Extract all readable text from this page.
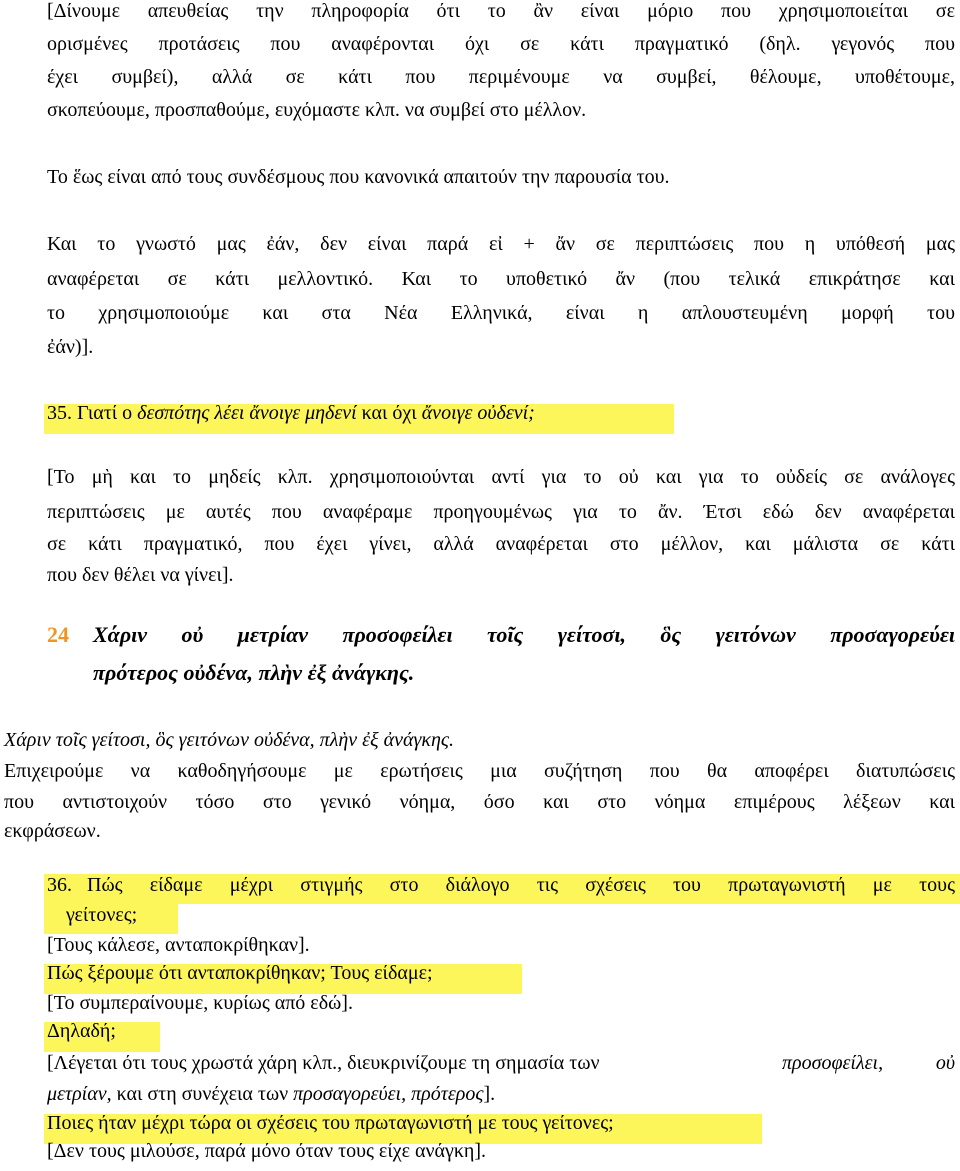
[Δίνουμε απευθείας την πληροφορία ότι το ἂν είναι μόριο που χρησιμοποιείται σε
ορισμένες προτάσεις που αναφέρονται όχι σε κάτι πραγματικό (δηλ. γεγονός που
έχει συμβεί), αλλά σε κάτι που περιμένουμε να συμβεί, θέλουμε, υποθέτουμε,
σκοπεύουμε, προσπαθούμε, ευχόμαστε κλπ. να συμβεί στο μέλλον.
Το ἕως είναι από τους συνδέσμους που κανονικά απαιτούν την παρουσία του.
Και το γνωστό μας ἐάν, δεν είναι παρά εἰ + ἄν σε περιπτώσεις που η υπόθεσή μας
αναφέρεται σε κάτι μελλοντικό. Και το υποθετικό ἄν (που τελικά επικράτησε και
το χρησιμοποιούμε και στα Νέα Ελληνικά, είναι η απλουστευμένη μορφή του
ἐάν)].
35. Γιατί ο δεσπότης λέει ἄνοιγε μηδενί και όχι ἄνοιγε οὐδενί;
[Το μὴ και το μηδείς κλπ. χρησιμοποιούνται αντί για το οὐ και για το οὐδείς σε ανάλογες
περιπτώσεις με αυτές που αναφέραμε προηγουμένως για το ἄν. Έτσι εδώ δεν αναφέρεται
σε κάτι πραγματικό, που έχει γίνει, αλλά αναφέρεται στο μέλλον, και μάλιστα σε κάτι
που δεν θέλει να γίνει].
24 Χάριν οὐ μετρίαν προσοφείλει τοῖς γείτοσι, ὃς γειτόνων προσαγορεύει
πρότερος οὐδένα, πλὴν ἐξ ἀνάγκης.
Χάριν τοῖς γείτοσι, ὃς γειτόνων οὐδένα, πλὴν ἐξ ἀνάγκης.
Επιχειρούμε να καθοδηγήσουμε με ερωτήσεις μια συζήτηση που θα αποφέρει διατυπώσεις
που αντιστοιχούν τόσο στο γενικό νόημα, όσο και στο νόημα επιμέρους λέξεων και
εκφράσεων.
36. Πώς είδαμε μέχρι στιγμής στο διάλογο τις σχέσεις του πρωταγωνιστή με τους
γείτονες;
[Τους κάλεσε, ανταποκρίθηκαν].
Πώς ξέρουμε ότι ανταποκρίθηκαν; Τους είδαμε;
[Το συμπεραίνουμε, κυρίως από εδώ].
Δηλαδή;
[Λέγεται ότι τους χρωστά χάρη κλπ., διευκρινίζουμε τη σημασία των	προσοφείλει, οὐ
μετρίαν, και στη συνέχεια των προσαγορεύει, πρότερος].
Ποιες ήταν μέχρι τώρα οι σχέσεις του πρωταγωνιστή με τους γείτονες;
[Δεν τους μιλούσε, παρά μόνο όταν τους είχε ανάγκη].
